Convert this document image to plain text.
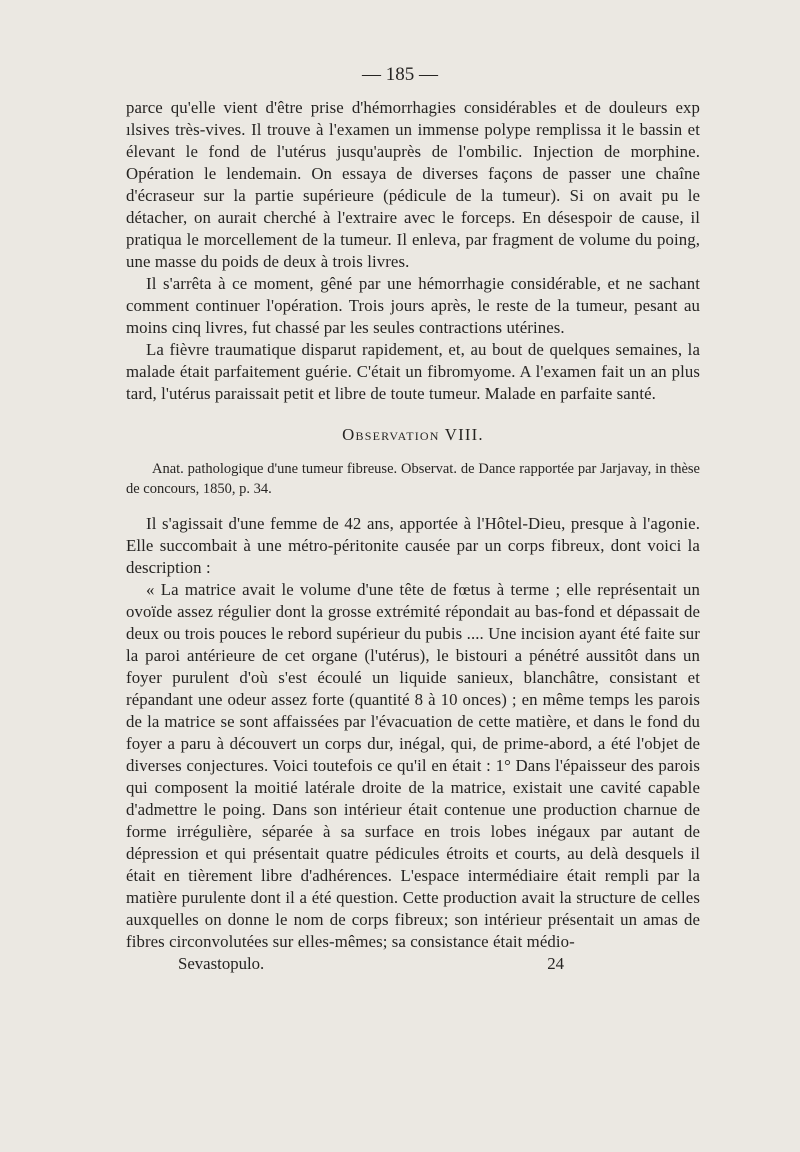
— 185 —

parce qu'elle vient d'être prise d'hémorrhagies considérables et de douleurs exp ılsives très-vives. Il trouve à l'examen un immense polype remplissa it le bassin et élevant le fond de l'utérus jusqu'auprès de l'ombilic. Injection de morphine. Opération le lendemain. On essaya de diverses façons de passer une chaîne d'écraseur sur la partie supérieure (pédicule de la tumeur). Si on avait pu le détacher, on aurait cherché à l'extraire avec le forceps. En désespoir de cause, il pratiqua le morcellement de la tumeur. Il enleva, par fragment de volume du poing, une masse du poids de deux à trois livres.

Il s'arrêta à ce moment, gêné par une hémorrhagie considérable, et ne sachant comment continuer l'opération. Trois jours après, le reste de la tumeur, pesant au moins cinq livres, fut chassé par les seules contractions utérines.

La fièvre traumatique disparut rapidement, et, au bout de quelques semaines, la malade était parfaitement guérie. C'était un fibromyome. A l'examen fait un an plus tard, l'utérus paraissait petit et libre de toute tumeur. Malade en parfaite santé.

Observation VIII.

Anat. pathologique d'une tumeur fibreuse. Observat. de Dance rapportée par Jarjavay, in thèse de concours, 1850, p. 34.

Il s'agissait d'une femme de 42 ans, apportée à l'Hôtel-Dieu, presque à l'agonie. Elle succombait à une métro-péritonite causée par un corps fibreux, dont voici la description :

« La matrice avait le volume d'une tête de fœtus à terme ; elle représentait un ovoïde assez régulier dont la grosse extrémité répondait au bas-fond et dépassait de deux ou trois pouces le rebord supérieur du pubis .... Une incision ayant été faite sur la paroi antérieure de cet organe (l'utérus), le bistouri a pénétré aussitôt dans un foyer purulent d'où s'est écoulé un liquide sanieux, blanchâtre, consistant et répandant une odeur assez forte (quantité 8 à 10 onces) ; en même temps les parois de la matrice se sont affaissées par l'évacuation de cette matière, et dans le fond du foyer a paru à découvert un corps dur, inégal, qui, de prime-abord, a été l'objet de diverses conjectures. Voici toutefois ce qu'il en était : 1° Dans l'épaisseur des parois qui composent la moitié latérale droite de la matrice, existait une cavité capable d'admettre le poing. Dans son intérieur était contenue une production charnue de forme irrégulière, séparée à sa surface en trois lobes inégaux par autant de dépression et qui présentait quatre pédicules étroits et courts, au delà desquels il était en tièrement libre d'adhérences. L'espace intermédiaire était rempli par la matière purulente dont il a été question. Cette production avait la structure de celles auxquelles on donne le nom de corps fibreux; son intérieur présentait un amas de fibres circonvolutées sur elles-mêmes; sa consistance était médio-

Sevastopulo.	24
